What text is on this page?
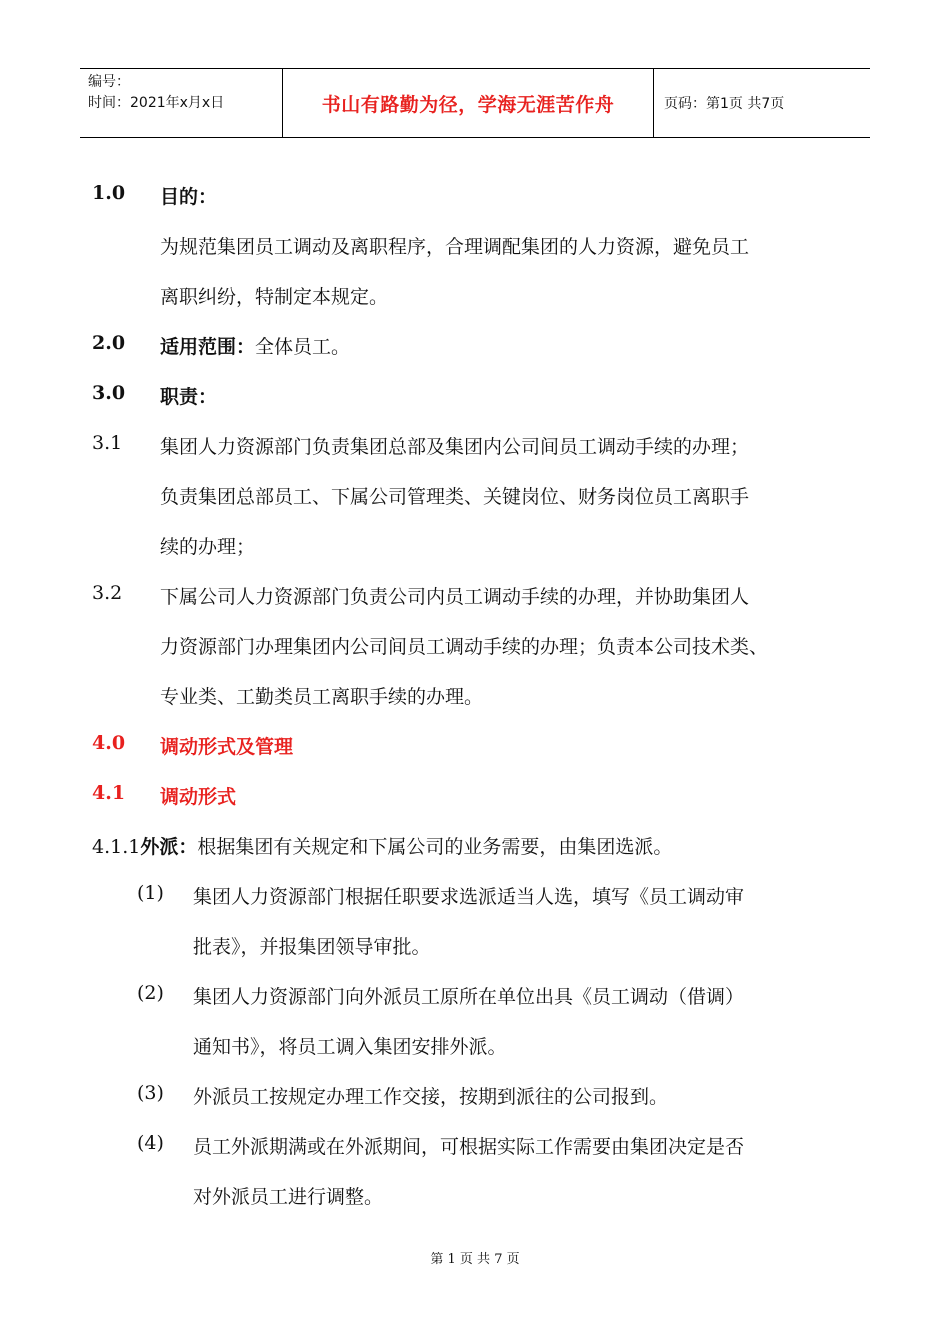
编号：
时间：2021年x月x日	书山有路勤为径，学海无涯苦作舟	页码：第1页 共7页
1.0 目的：
为规范集团员工调动及离职程序，合理调配集团的人力资源，避免员工
离职纠纷，特制定本规定。
2.0 适用范围：全体员工。
3.0 职责：
3.1 集团人力资源部门负责集团总部及集团内公司间员工调动手续的办理；
负责集团总部员工、下属公司管理类、关键岗位、财务岗位员工离职手
续的办理；
3.2 下属公司人力资源部门负责公司内员工调动手续的办理，并协助集团人
力资源部门办理集团内公司间员工调动手续的办理；负责本公司技术类、
专业类、工勤类员工离职手续的办理。
4.0 调动形式及管理
4.1 调动形式
4.1.1外派：根据集团有关规定和下属公司的业务需要，由集团选派。
(1) 集团人力资源部门根据任职要求选派适当人选，填写《员工调动审
批表》，并报集团领导审批。
(2) 集团人力资源部门向外派员工原所在单位出具《员工调动（借调）
通知书》，将员工调入集团安排外派。
(3) 外派员工按规定办理工作交接，按期到派往的公司报到。
(4) 员工外派期满或在外派期间，可根据实际工作需要由集团决定是否
对外派员工进行调整。
第 1 页 共 7 页
